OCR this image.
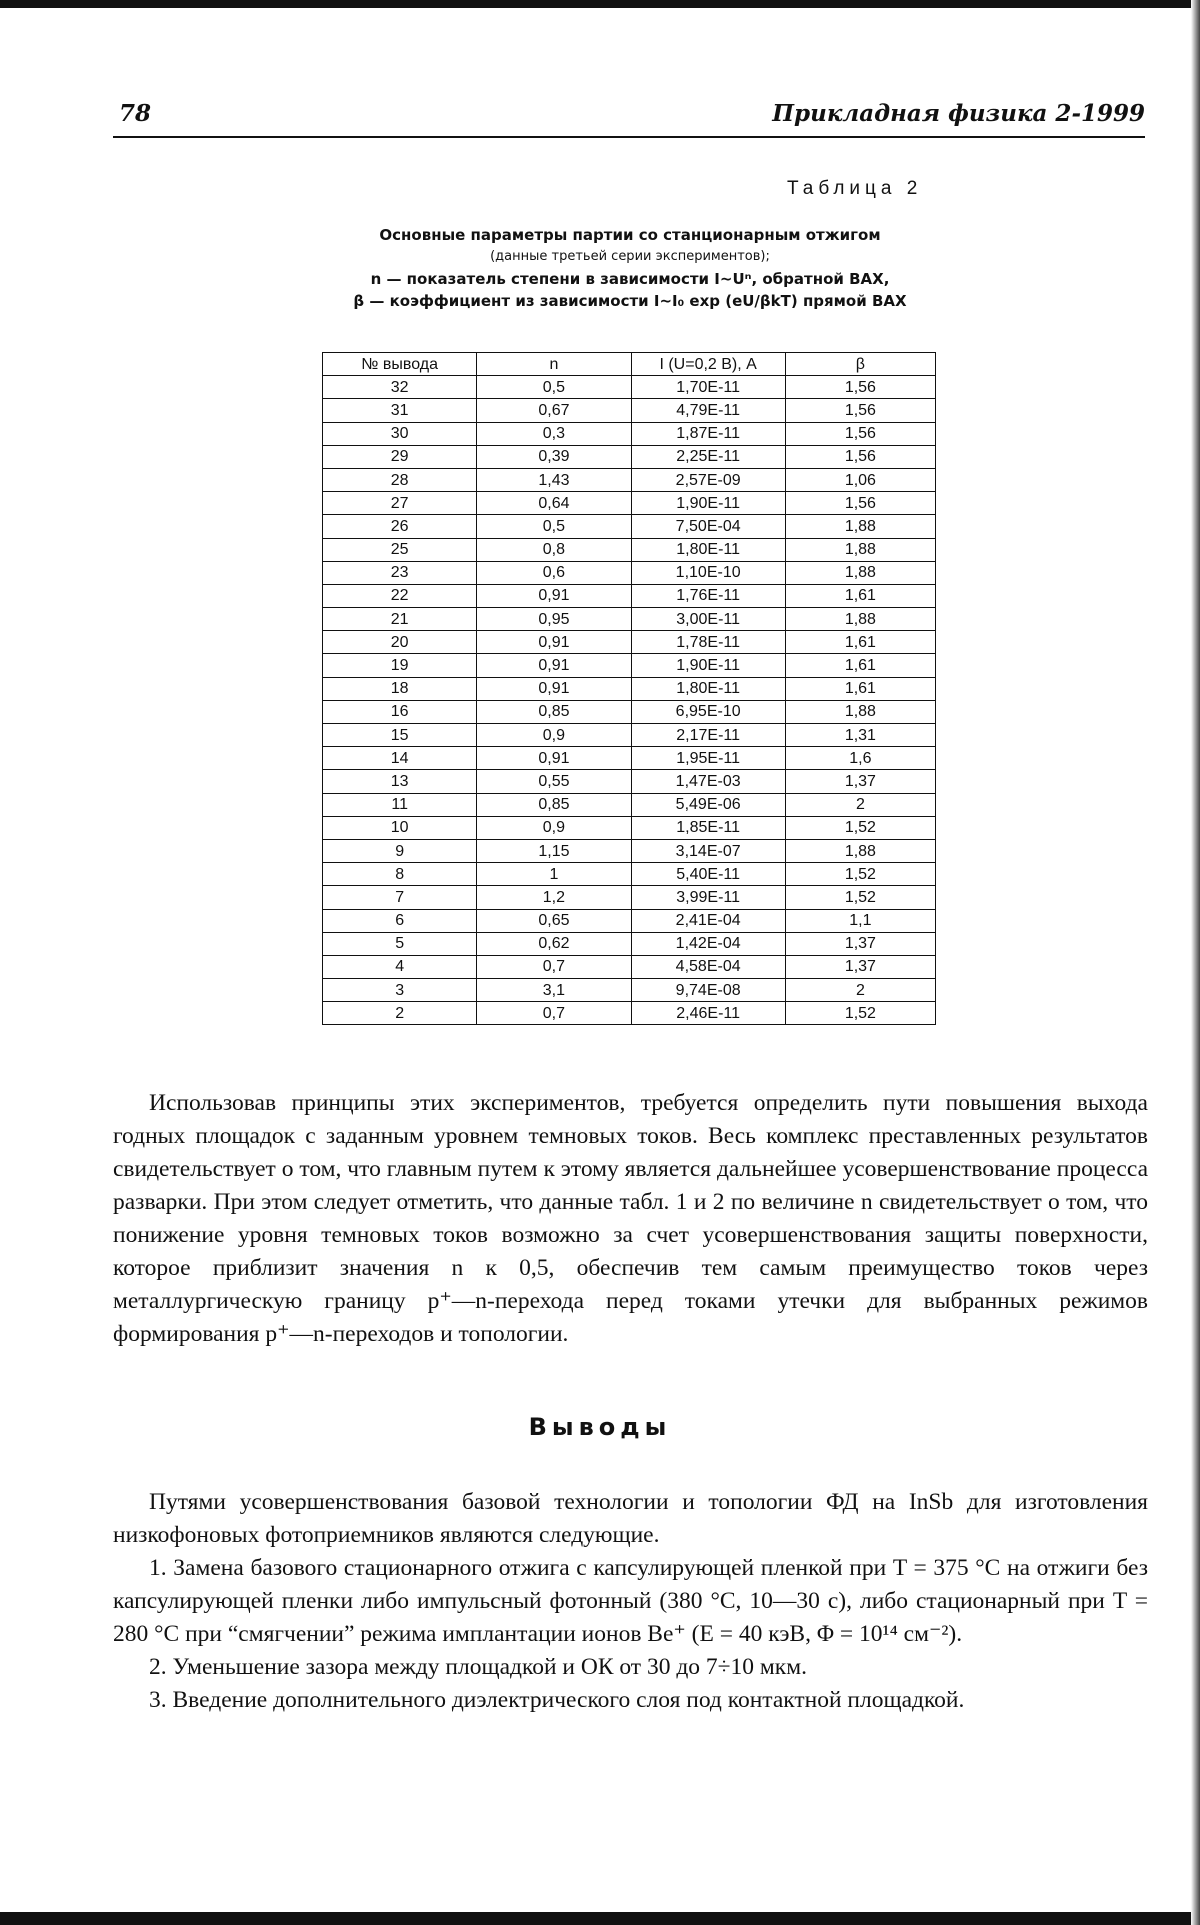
78	Прикладная физика 2-1999
Таблица 2
Основные параметры партии со станционарным отжигом
(данные третьей серии экспериментов);
n — показатель степени в зависимости I~Uⁿ, обратной ВАХ,
β — коэффициент из зависимости I~I₀ exp (eU/βkT) прямой ВАХ
№ вывода	n	I (U=0,2 В), А	β
32	0,5	1,70E-11	1,56
31	0,67	4,79E-11	1,56
30	0,3	1,87E-11	1,56
29	0,39	2,25E-11	1,56
28	1,43	2,57E-09	1,06
27	0,64	1,90E-11	1,56
26	0,5	7,50E-04	1,88
25	0,8	1,80E-11	1,88
23	0,6	1,10E-10	1,88
22	0,91	1,76E-11	1,61
21	0,95	3,00E-11	1,88
20	0,91	1,78E-11	1,61
19	0,91	1,90E-11	1,61
18	0,91	1,80E-11	1,61
16	0,85	6,95E-10	1,88
15	0,9	2,17E-11	1,31
14	0,91	1,95E-11	1,6
13	0,55	1,47E-03	1,37
11	0,85	5,49E-06	2
10	0,9	1,85E-11	1,52
9	1,15	3,14E-07	1,88
8	1	5,40E-11	1,52
7	1,2	3,99E-11	1,52
6	0,65	2,41E-04	1,1
5	0,62	1,42E-04	1,37
4	0,7	4,58E-04	1,37
3	3,1	9,74E-08	2
2	0,7	2,46E-11	1,52

Использовав принципы этих экспериментов, требуется определить пути повышения выхода годных площадок с заданным уровнем темновых токов. Весь комплекс преставленных результатов свидетельствует о том, что главным путем к этому является дальнейшее усовершенствование процесса разварки. При этом следует отметить, что данные табл. 1 и 2 по величине n свидетельствует о том, что понижение уровня темновых токов возможно за счет усовершенствования защиты поверхности, которое приблизит значения n к 0,5, обеспечив тем самым преимущество токов через металлургическую границу p⁺—n-перехода перед токами утечки для выбранных режимов формирования p⁺—n-переходов и топологии.

Выводы

Путями усовершенствования базовой технологии и топологии ФД на InSb для изготовления низкофоновых фотоприемников являются следующие.

1. Замена базового стационарного отжига с капсулирующей пленкой при T = 375 °C на отжиги без капсулирующей пленки либо импульсный фотонный (380 °C, 10—30 с), либо стационарный при T = 280 °C при “смягчении” режима имплантации ионов Be⁺ (E = 40 кэВ, Φ = 10¹⁴ см⁻²).

2. Уменьшение зазора между площадкой и ОК от 30 до 7÷10 мкм.

3. Введение дополнительного диэлектрического слоя под контактной площадкой.
